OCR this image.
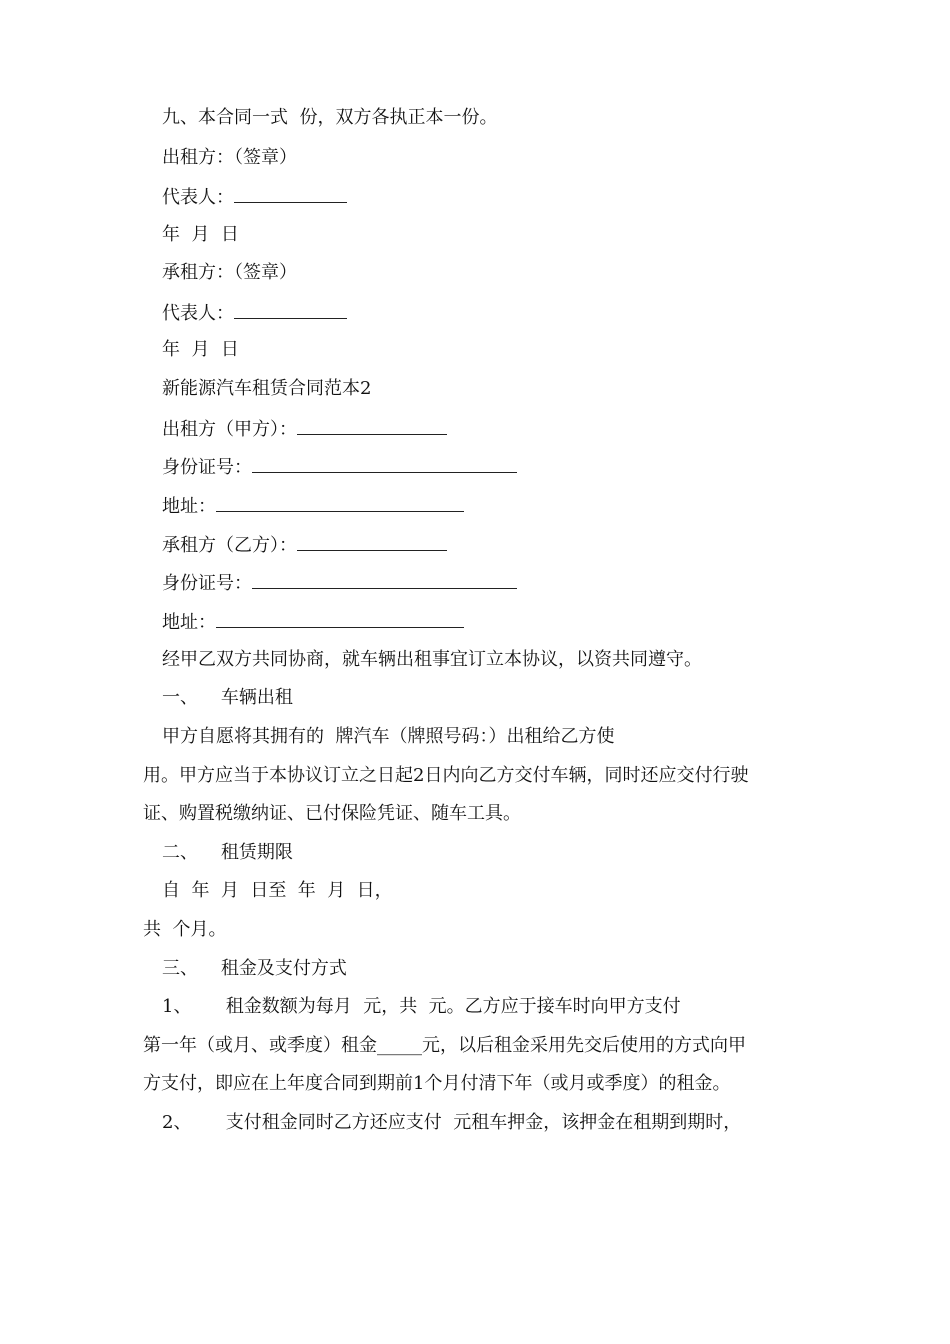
九、本合同一式  份，双方各执正本一份。
出租方：（签章）
代表人：
年  月  日
承租方：（签章）
代表人：
年  月  日
新能源汽车租赁合同范本2
出租方（甲方）：
身份证号：
地址：
承租方（乙方）：
身份证号：
地址：
经甲乙双方共同协商，就车辆出租事宜订立本协议，以资共同遵守。
一、    车辆出租
甲方自愿将其拥有的  牌汽车（牌照号码：）出租给乙方使
用。甲方应当于本协议订立之日起2日内向乙方交付车辆，同时还应交付行驶
证、购置税缴纳证、已付保险凭证、随车工具。
二、    租赁期限
自  年  月  日至  年  月  日，
共  个月。
三、    租金及支付方式
1、      租金数额为每月  元，共  元。乙方应于接车时向甲方支付
第一年（或月、或季度）租金_____元，以后租金采用先交后使用的方式向甲
方支付，即应在上年度合同到期前1个月付清下年（或月或季度）的租金。
2、      支付租金同时乙方还应支付  元租车押金，该押金在租期到期时，
